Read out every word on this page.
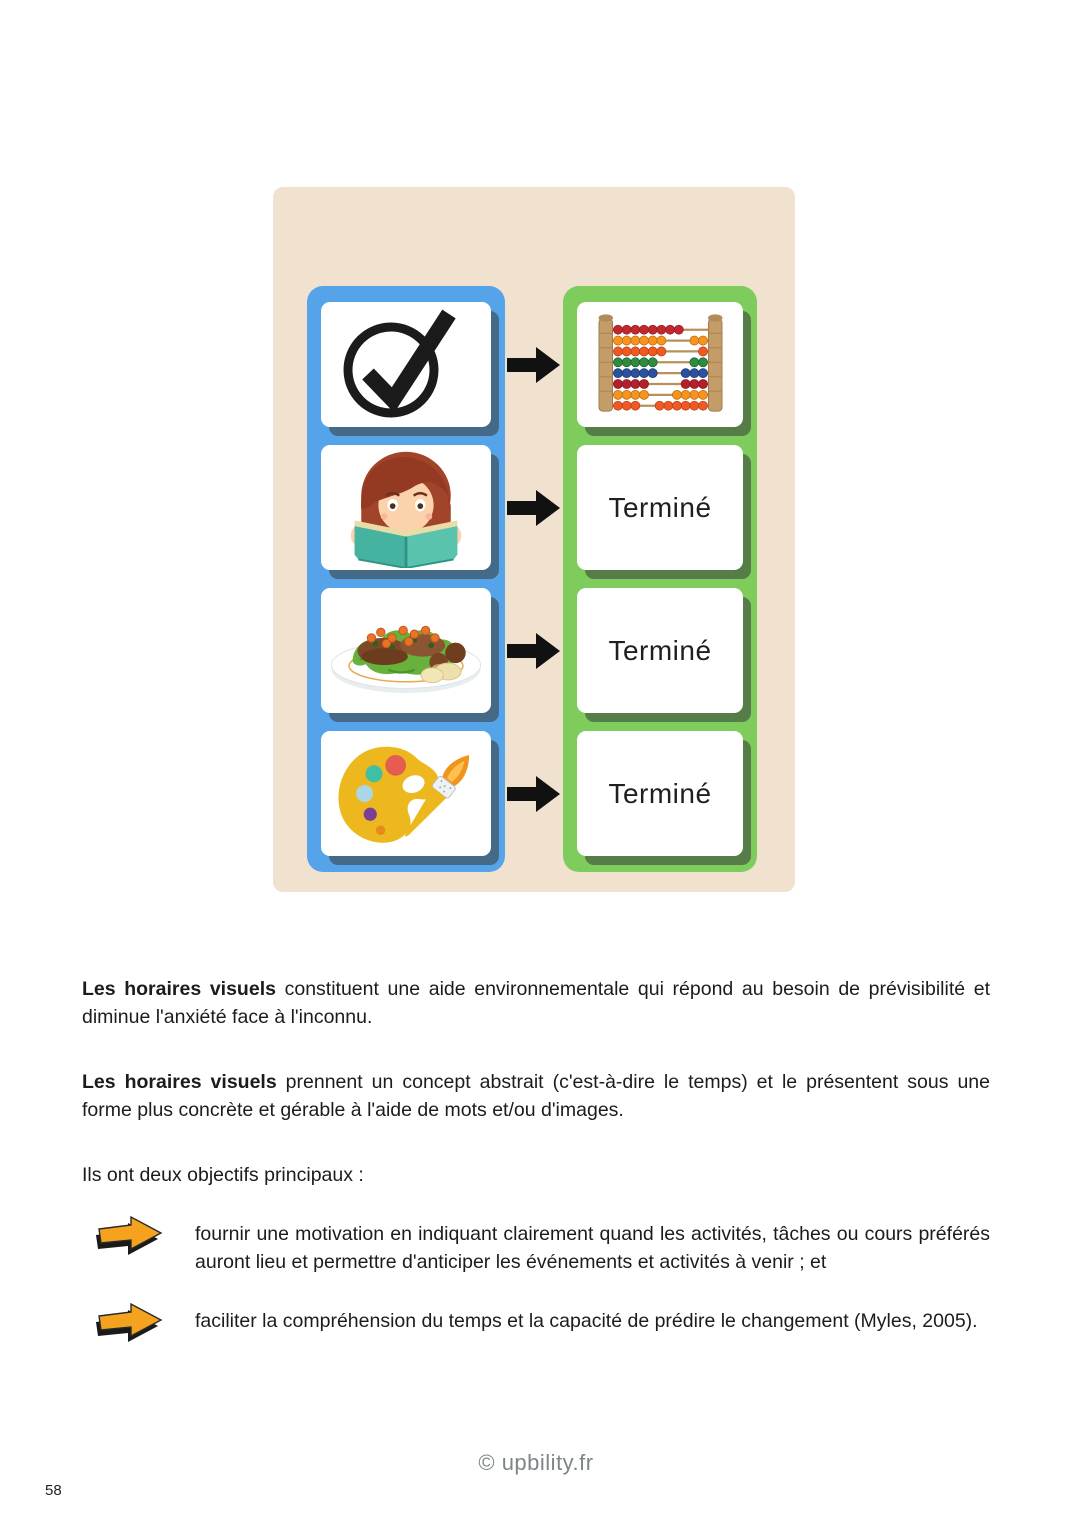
Terminé
Terminé
Terminé

Les horaires visuels constituent une aide environnementale qui répond au besoin de prévisibilité et diminue l'anxiété face à l'inconnu.

Les horaires visuels prennent un concept abstrait (c'est-à-dire le temps) et le présentent sous une forme plus concrète et gérable à l'aide de mots et/ou d'images.

Ils ont deux objectifs principaux :

fournir une motivation en indiquant clairement quand les activités, tâches ou cours préférés auront lieu et permettre d'anticiper les événements et activités à venir ; et

faciliter la compréhension du temps et la capacité de prédire le changement (Myles, 2005).

© upbility.fr
58
